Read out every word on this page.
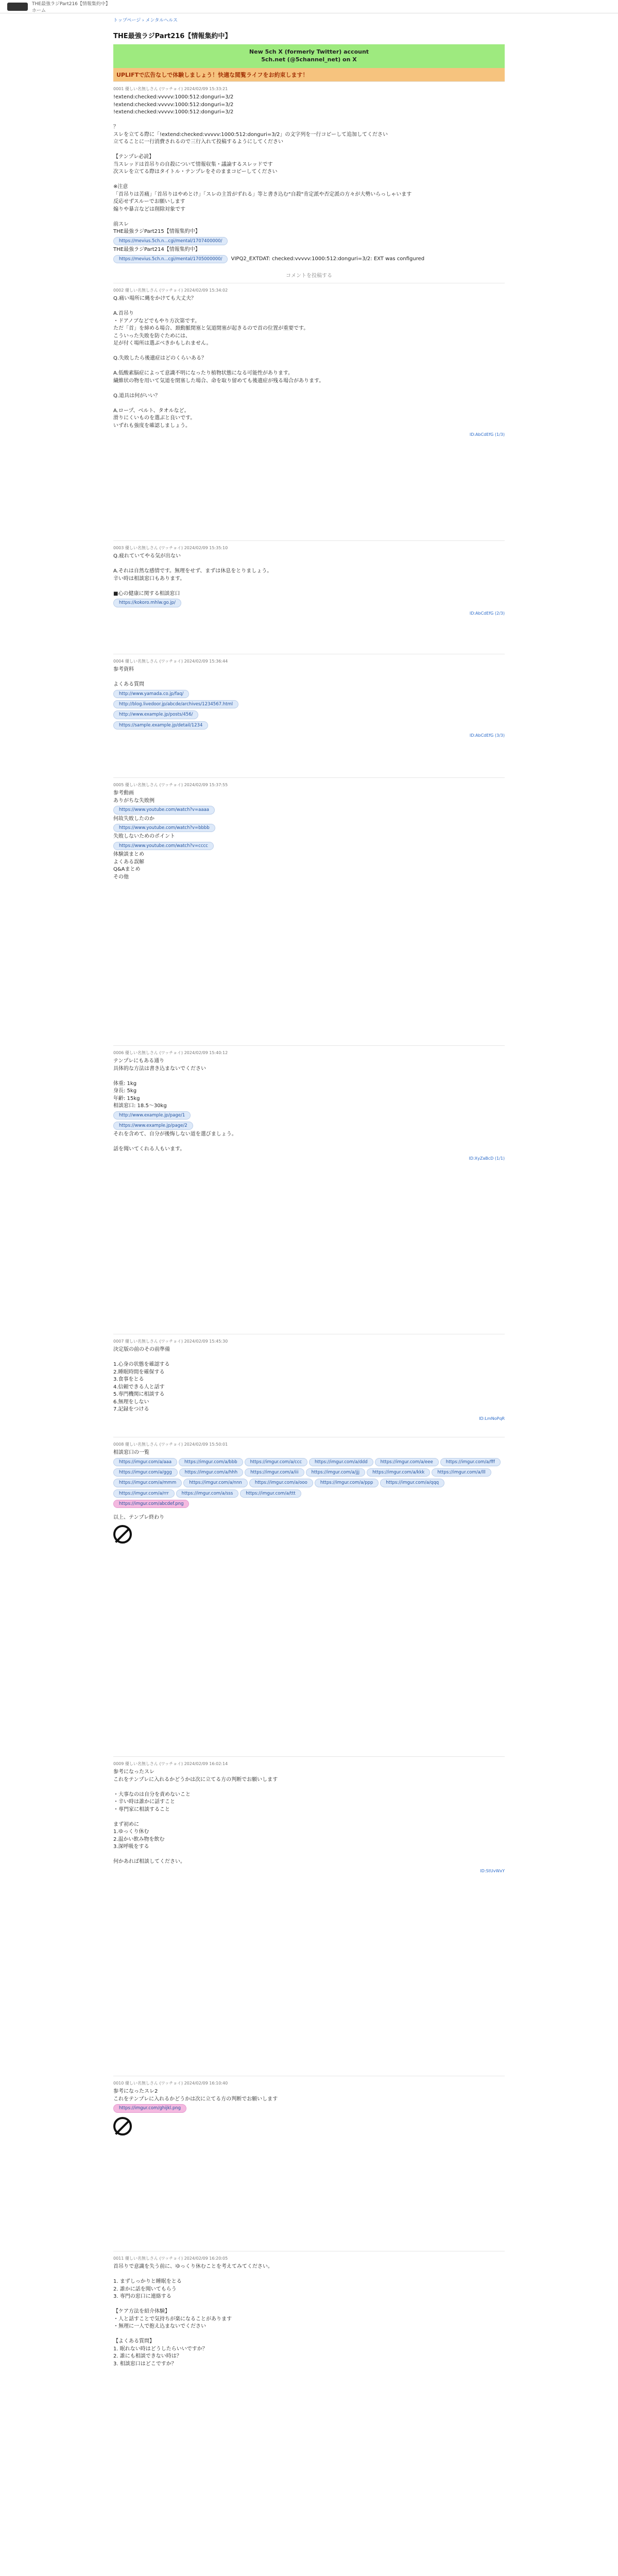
THE最強ラジPart216【情報集約中】
ホーム
トップページ › メンタルヘルス
THE最強ラジPart216【情報集約中】
New 5ch X (formerly Twitter) account
5ch.net (@5channel_net) on X
UPLIFTで広告なしで体験しましょう！快適な閲覧ライフをお約束します！
0001 優しい名無しさん (ワッチョイ) 2024/02/09 15:33:21
!extend:checked:vvvvv:1000:512:donguri=3/2
!extend:checked:vvvvv:1000:512:donguri=3/2
!extend:checked:vvvvv:1000:512:donguri=3/2

？
スレを立てる際に「!extend:checked:vvvvv:1000:512:donguri=3/2」の文字列を一行コピーして追加してください
立てることに一行消費されるので三行入れて投稿するようにしてください

【テンプレ必読】
当スレッドは首吊りの自殺について情報収集・議論するスレッドです
次スレを立てる際はタイトル・テンプレをそのままコピーしてください

※注意
「首吊りは苦痛」「首吊りはやめとけ」「スレの主旨がずれる」等と書き込む"自殺"肯定派や否定派の方々が大勢いらっしゃいます
反応せずスルーでお願いします
煽りや暴言などは削除対象です

前スレ
THE最強ラジPart215【情報集約中】
https://mevius.5ch.n...cgi/mental/1707400000/
THE最強ラジPart214【情報集約中】
https://mevius.5ch.n...cgi/mental/1705000000/ VIPQ2_EXTDAT: checked:vvvvv:1000:512:donguri=3/2: EXT was configured
コメントを投稿する
0002 優しい名無しさん (ワッチョイ) 2024/02/09 15:34:02
Q.痛い場所に縄をかけても大丈夫？

A.首吊り
・ドアノブなどでもやり方次第です。
ただ「首」を締める場合、頚動脈閉塞と気道閉塞が起きるので首の位置が重要です。
こういった失敗を防ぐためには、
足が付く場所は選ぶべきかもしれません。

Q.失敗したら後遺症はどのくらいある？

A.低酸素脳症によって意識不明になったり植物状態になる可能性があります。
繊維状の物を用いて気道を閉塞した場合、命を取り留めても後遺症が残る場合があります。

Q.道具は何がいい？

A.ロープ、ベルト、タオルなど。
滑りにくいものを選ぶと良いです。
いずれも強度を確認しましょう。
ID:AbCdEfG (1/3)
0003 優しい名無しさん (ワッチョイ) 2024/02/09 15:35:10
Q.疲れていてやる気が出ない

A.それは自然な感情です。無理をせず、まずは休息をとりましょう。
辛い時は相談窓口もあります。

■心の健康に関する相談窓口
https://kokoro.mhlw.go.jp/
ID:AbCdEfG (2/3)
0004 優しい名無しさん (ワッチョイ) 2024/02/09 15:36:44
参考資料

よくある質問
http://www.yamada.co.jp/faq/
http://blog.livedoor.jp/abcde/archives/1234567.html
http://www.example.jp/posts/456/
https://sample.example.jp/detail/1234
ID:AbCdEfG (3/3)
0005 優しい名無しさん (ワッチョイ) 2024/02/09 15:37:55
参考動画
ありがちな失敗例
https://www.youtube.com/watch?v=aaaa
何故失敗したのか
https://www.youtube.com/watch?v=bbbb
失敗しないためのポイント
https://www.youtube.com/watch?v=cccc
体験談まとめ
よくある誤解
Q&Aまとめ
その他
0006 優しい名無しさん (ワッチョイ) 2024/02/09 15:40:12
テンプレにもある通り
具体的な方法は書き込まないでください

体重: 1kg
身長: 5kg
年齢: 15kg
相談窓口: 18.5〜30kg
http://www.example.jp/page/1
https://www.example.jp/page/2
それを含めて、自分が後悔しない道を選びましょう。

話を聞いてくれる人もいます。
ID:XyZaBcD (1/1)
0007 優しい名無しさん (ワッチョイ) 2024/02/09 15:45:30
決定版の前のその前準備

1.心身の状態を確認する
2.睡眠時間を確保する
3.食事をとる
4.信頼できる人と話す
5.専門機関に相談する
6.無理をしない
7.記録をつける
ID:LmNoPqR
0008 優しい名無しさん (ワッチョイ) 2024/02/09 15:50:01
相談窓口の一覧
https://imgur.com/a/aaa	https://imgur.com/a/bbb	https://imgur.com/a/ccc	https://imgur.com/a/ddd	https://imgur.com/a/eee	https://imgur.com/a/fff
https://imgur.com/a/ggg	https://imgur.com/a/hhh	https://imgur.com/a/iii	https://imgur.com/a/jjj	https://imgur.com/a/kkk	https://imgur.com/a/lll
https://imgur.com/a/mmm	https://imgur.com/a/nnn	https://imgur.com/a/ooo	https://imgur.com/a/ppp	https://imgur.com/a/qqq
https://imgur.com/a/rrr	https://imgur.com/a/sss	https://imgur.com/a/ttt
https://imgur.com/abcdef.png
以上、テンプレ終わり
0009 優しい名無しさん (ワッチョイ) 2024/02/09 16:02:14
参考になったスレ
これをテンプレに入れるかどうかは次に立てる方の判断でお願いします

・大事なのは自分を責めないこと
・辛い時は誰かに話すこと
・専門家に相談すること

まず初めに
1.ゆっくり休む
2.温かい飲み物を飲む
3.深呼吸をする

何かあれば相談してください。
ID:StUvWxY
0010 優しい名無しさん (ワッチョイ) 2024/02/09 16:10:40
参考になったスレ2
これをテンプレに入れるかどうかは次に立てる方の判断でお願いします
https://imgur.com/ghijkl.png
0011 優しい名無しさん (ワッチョイ) 2024/02/09 16:20:05
首吊りで意識を失う前に、ゆっくり休むことを考えてみてください。

1. まずしっかりと睡眠をとる
2. 誰かに話を聞いてもらう
3. 専門の窓口に連絡する

【ケア方法を紹介体験】
・人と話すことで気持ちが楽になることがあります
・無理に一人で抱え込まないでください

【よくある質問】
1. 眠れない時はどうしたらいいですか？
2. 誰にも相談できない時は？
3. 相談窓口はどこですか？
